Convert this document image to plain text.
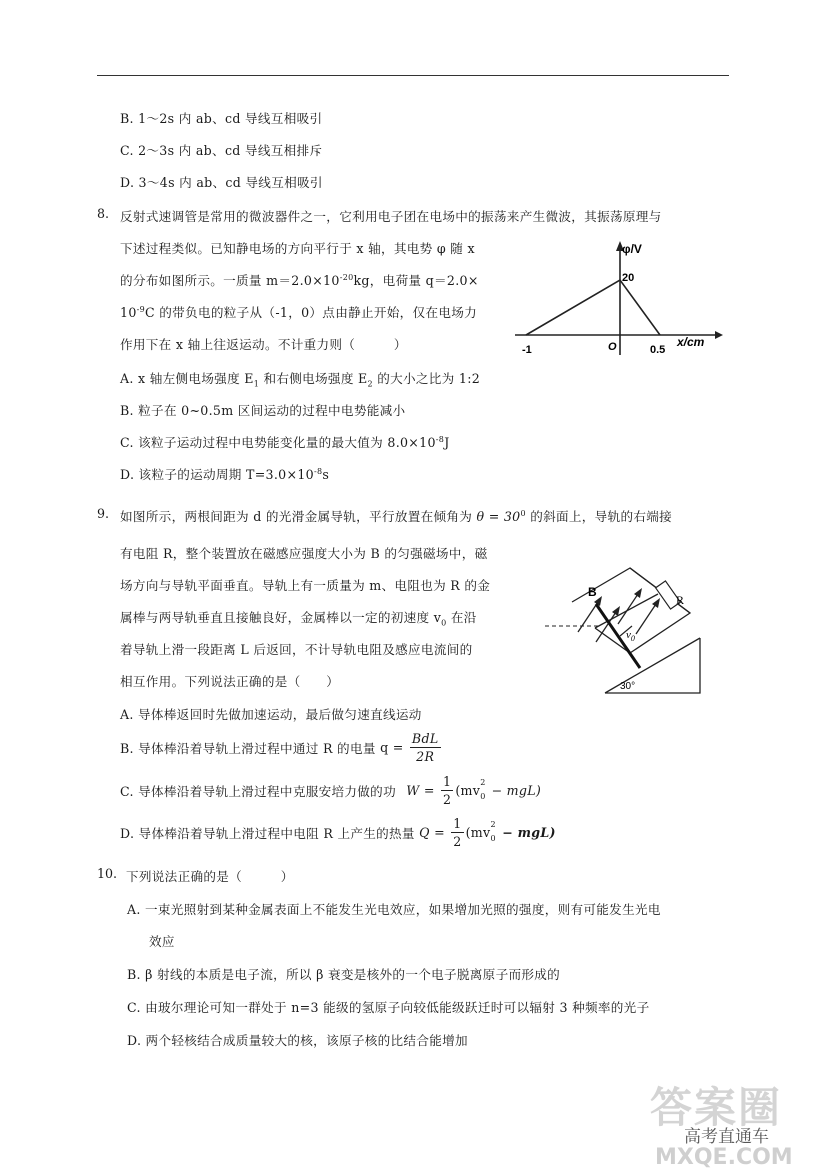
B. 1～2s 内 ab、cd 导线互相吸引
C. 2～3s 内 ab、cd 导线互相排斥
D. 3～4s 内 ab、cd 导线互相吸引
8. 反射式速调管是常用的微波器件之一，它利用电子团在电场中的振荡来产生微波，其振荡原理与
下述过程类似。已知静电场的方向平行于 x 轴，其电势 φ 随 x
的分布如图所示。一质量 $m=2.0\times 10^{-20}kg$，电荷量 q＝2.0×
$10^{-9}C$ 的带负电的粒子从（-1，0）点由静止开始，仅在电场力
作用下在 x 轴上往返运动。不计重力则（　　　）
A. x 轴左侧电场强度 $E_1$ 和右侧电场强度 $E_2$ 的大小之比为 1:2
B. 粒子在 0~0.5m 区间运动的过程中电势能减小
C. 该粒子运动过程中电势能变化量的最大值为 $8.0\times 10^{-8}J$
D. 该粒子的运动周期 $T=3.0\times 10^{-8}s$
φ/V
x/cm
20
O
-1	0.5
9. 如图所示，两根间距为 d 的光滑金属导轨，平行放置在倾角为 $\theta = 30^0$ 的斜面上，导轨的右端接
有电阻 R，整个装置放在磁感应强度大小为 B 的匀强磁场中，磁
场方向与导轨平面垂直。导轨上有一质量为 m、电阻也为 R 的金
属棒与两导轨垂直且接触良好，金属棒以一定的初速度 $v_0$ 在沿
着导轨上滑一段距离 L 后返回，不计导轨电阻及感应电流间的
相互作用。下列说法正确的是（　　）
A. 导体棒返回时先做加速运动，最后做匀速直线运动
B. 导体棒沿着导轨上滑过程中通过 R 的电量 $q = \frac{\text{BdL}}{2R}$
C. 导体棒沿着导轨上滑过程中克服安培力做的功 $W = \frac{1}{2} (mv$
2
0 − mgL)
D. 导体棒沿着导轨上滑过程中电阻 R 上产生的热量 $Q = \frac{1}{2} (mv$
2
0 − mgL)
R
B
$v_0$
30°
10. 下列说法正确的是（　　　）
A. 一束光照射到某种金属表面上不能发生光电效应，如果增加光照的强度，则有可能发生光电
效应
B. β 射线的本质是电子流，所以 β 衰变是核外的一个电子脱离原子而形成的
C. 由玻尔理论可知一群处于 n=3 能级的氢原子向较低能级跃迁时可以辐射 3 种频率的光子
D. 两个轻核结合成质量较大的核，该原子核的比结合能增加
答案圈
高考直通车
MXQE.COM
